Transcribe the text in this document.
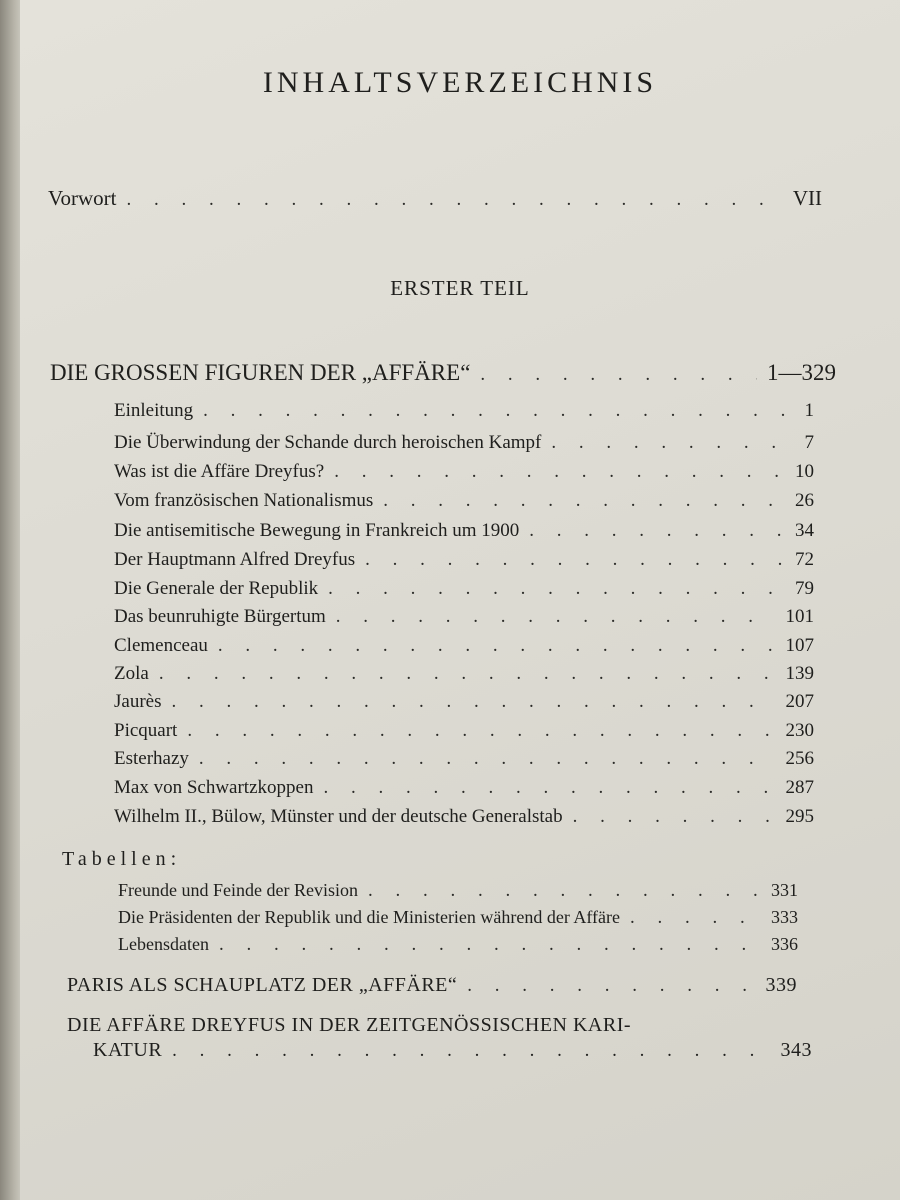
INHALTSVERZEICHNIS
Vorwort . . .	VII
ERSTER TEIL
DIE GROSSEN FIGUREN DER „AFFÄRE“ . . .	1—329
Einleitung . . .	1
Die Überwindung der Schande durch heroischen Kampf . . .	7
Was ist die Affäre Dreyfus? . . .	10
Vom französischen Nationalismus . . .	26
Die antisemitische Bewegung in Frankreich um 1900 . . .	34
Der Hauptmann Alfred Dreyfus . . .	72
Die Generale der Republik . . .	79
Das beunruhigte Bürgertum . . .	101
Clemenceau . . .	107
Zola . . .	139
Jaurès . . .	207
Picquart . . .	230
Esterhazy . . .	256
Max von Schwartzkoppen . . .	287
Wilhelm II., Bülow, Münster und der deutsche Generalstab . . .	295
Tabellen:
Freunde und Feinde der Revision . . .	331
Die Präsidenten der Republik und die Ministerien während der Affäre . . .	333
Lebensdaten . . .	336
PARIS ALS SCHAUPLATZ DER „AFFÄRE“ . . .	339
DIE AFFÄRE DREYFUS IN DER ZEITGENÖSSISCHEN KARI-
KATUR . . .	343
